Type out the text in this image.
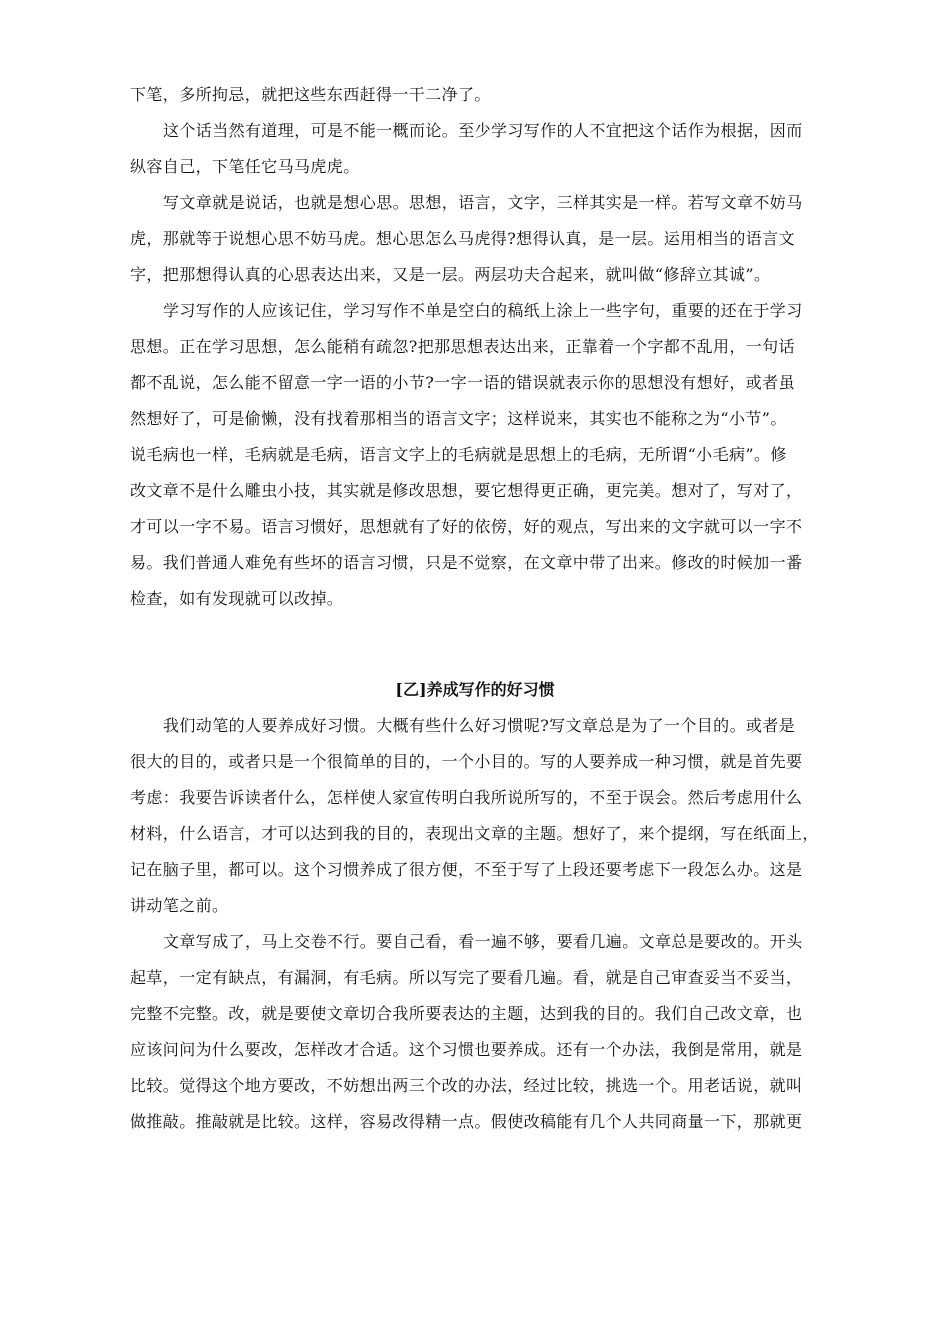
下笔，多所拘忌，就把这些东西赶得一干二净了。
这个话当然有道理，可是不能一概而论。至少学习写作的人不宜把这个话作为根据，因而
纵容自己，下笔任它马马虎虎。
写文章就是说话，也就是想心思。思想，语言，文字，三样其实是一样。若写文章不妨马
虎，那就等于说想心思不妨马虎。想心思怎么马虎得?想得认真，是一层。运用相当的语言文
字，把那想得认真的心思表达出来，又是一层。两层功夫合起来，就叫做“修辞立其诚”。
学习写作的人应该记住，学习写作不单是空白的稿纸上涂上一些字句，重要的还在于学习
思想。正在学习思想，怎么能稍有疏忽?把那思想表达出来，正靠着一个字都不乱用，一句话
都不乱说，怎么能不留意一字一语的小节?一字一语的错误就表示你的思想没有想好，或者虽
然想好了，可是偷懒，没有找着那相当的语言文字；这样说来，其实也不能称之为“小节”。
说毛病也一样，毛病就是毛病，语言文字上的毛病就是思想上的毛病，无所谓“小毛病”。修
改文章不是什么雕虫小技，其实就是修改思想，要它想得更正确，更完美。想对了，写对了，
才可以一字不易。语言习惯好，思想就有了好的依傍，好的观点，写出来的文字就可以一字不
易。我们普通人难免有些坏的语言习惯，只是不觉察，在文章中带了出来。修改的时候加一番
检查，如有发现就可以改掉。
[乙]养成写作的好习惯
我们动笔的人要养成好习惯。大概有些什么好习惯呢?写文章总是为了一个目的。或者是
很大的目的，或者只是一个很简单的目的，一个小目的。写的人要养成一种习惯，就是首先要
考虑：我要告诉读者什么，怎样使人家宣传明白我所说所写的，不至于误会。然后考虑用什么
材料，什么语言，才可以达到我的目的，表现出文章的主题。想好了，来个提纲，写在纸面上，
记在脑子里，都可以。这个习惯养成了很方便，不至于写了上段还要考虑下一段怎么办。这是
讲动笔之前。
文章写成了，马上交卷不行。要自己看，看一遍不够，要看几遍。文章总是要改的。开头
起草，一定有缺点，有漏洞，有毛病。所以写完了要看几遍。看，就是自己审查妥当不妥当，
完整不完整。改，就是要使文章切合我所要表达的主题，达到我的目的。我们自己改文章，也
应该问问为什么要改，怎样改才合适。这个习惯也要养成。还有一个办法，我倒是常用，就是
比较。觉得这个地方要改，不妨想出两三个改的办法，经过比较，挑选一个。用老话说，就叫
做推敲。推敲就是比较。这样，容易改得精一点。假使改稿能有几个人共同商量一下，那就更
